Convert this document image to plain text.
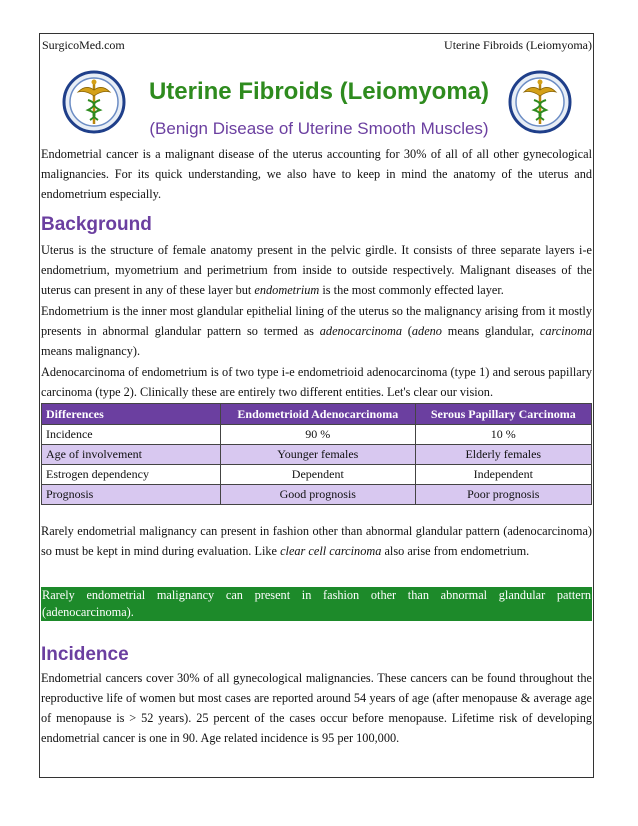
SurgicoMed.com	Uterine Fibroids (Leiomyoma)
Uterine Fibroids (Leiomyoma)
(Benign Disease of Uterine Smooth Muscles)

Endometrial cancer is a malignant disease of the uterus accounting for 30% of all of all other gynecological malignancies. For its quick understanding, we also have to keep in mind the anatomy of the uterus and endometrium especially.

Background

Uterus is the structure of female anatomy present in the pelvic girdle. It consists of three separate layers i-e endometrium, myometrium and perimetrium from inside to outside respectively. Malignant diseases of the uterus can present in any of these layer but endometrium is the most commonly effected layer.

Endometrium is the inner most glandular epithelial lining of the uterus so the malignancy arising from it mostly presents in abnormal glandular pattern so termed as adenocarcinoma (adeno means glandular, carcinoma means malignancy).

Adenocarcinoma of endometrium is of two type i-e endometrioid adenocarcinoma (type 1) and serous papillary carcinoma (type 2). Clinically these are entirely two different entities. Let's clear our vision.

Differences	Endometrioid Adenocarcinoma	Serous Papillary Carcinoma
Incidence	90 %	10 %
Age of involvement	Younger females	Elderly females
Estrogen dependency	Dependent	Independent
Prognosis	Good prognosis	Poor prognosis

Rarely endometrial malignancy can present in fashion other than abnormal glandular pattern (adenocarcinoma) so must be kept in mind during evaluation. Like clear cell carcinoma also arise from endometrium.

Rarely endometrial malignancy can present in fashion other than abnormal glandular pattern (adenocarcinoma).

Incidence

Endometrial cancers cover 30% of all gynecological malignancies. These cancers can be found throughout the reproductive life of women but most cases are reported around 54 years of age (after menopause & average age of menopause is > 52 years). 25 percent of the cases occur before menopause. Lifetime risk of developing endometrial cancer is one in 90. Age related incidence is 95 per 100,000.
